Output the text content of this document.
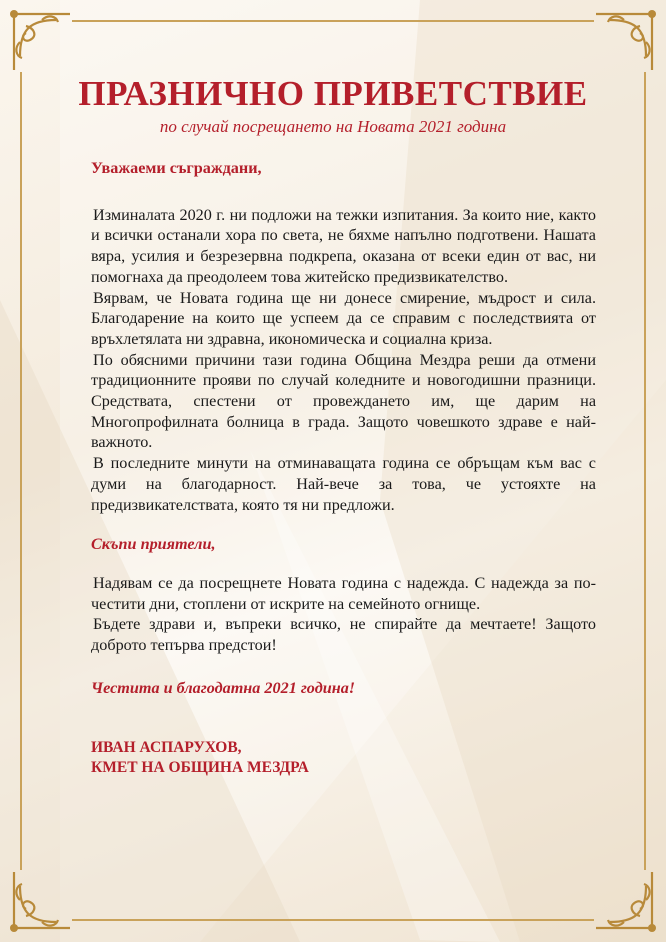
ПРАЗНИЧНО ПРИВЕТСТВИЕ

по случай посрещането на Новата 2021 година

Уважаеми съграждани,

Изминалата 2020 г. ни подложи на тежки изпитания. За които ние, както и всички останали хора по света, не бяхме напълно подготвени. Нашата вяра, усилия и безрезервна подкрепа, оказана от всеки един от вас, ни помогнаха да преодолеем това житейско предизвикателство.

Вярвам, че Новата година ще ни донесе смирение, мъдрост и сила. Благодарение на които ще успеем да се справим с последствията от връхлетялата ни здравна, икономическа и социална криза.

По обясними причини тази година Община Мездра реши да отмени традиционните прояви по случай коледните и новогодишни празници. Средствата, спестени от провеждането им, ще дарим на Многопрофилната болница в града. Защото човешкото здраве е най-важното.

В последните минути на отминаващата година се обръщам към вас с думи на благодарност. Най-вече за това, че устояхте на предизвикателствата, която тя ни предложи.

Скъпи приятели,

Надявам се да посрещнете Новата година с надежда. С надежда за по-честити дни, стоплени от искрите на семейното огнище.

Бъдете здрави и, въпреки всичко, не спирайте да мечтаете! Защото доброто тепърва предстои!

Честита и благодатна 2021 година!

ИВАН АСПАРУХОВ,

КМЕТ НА ОБЩИНА МЕЗДРА
